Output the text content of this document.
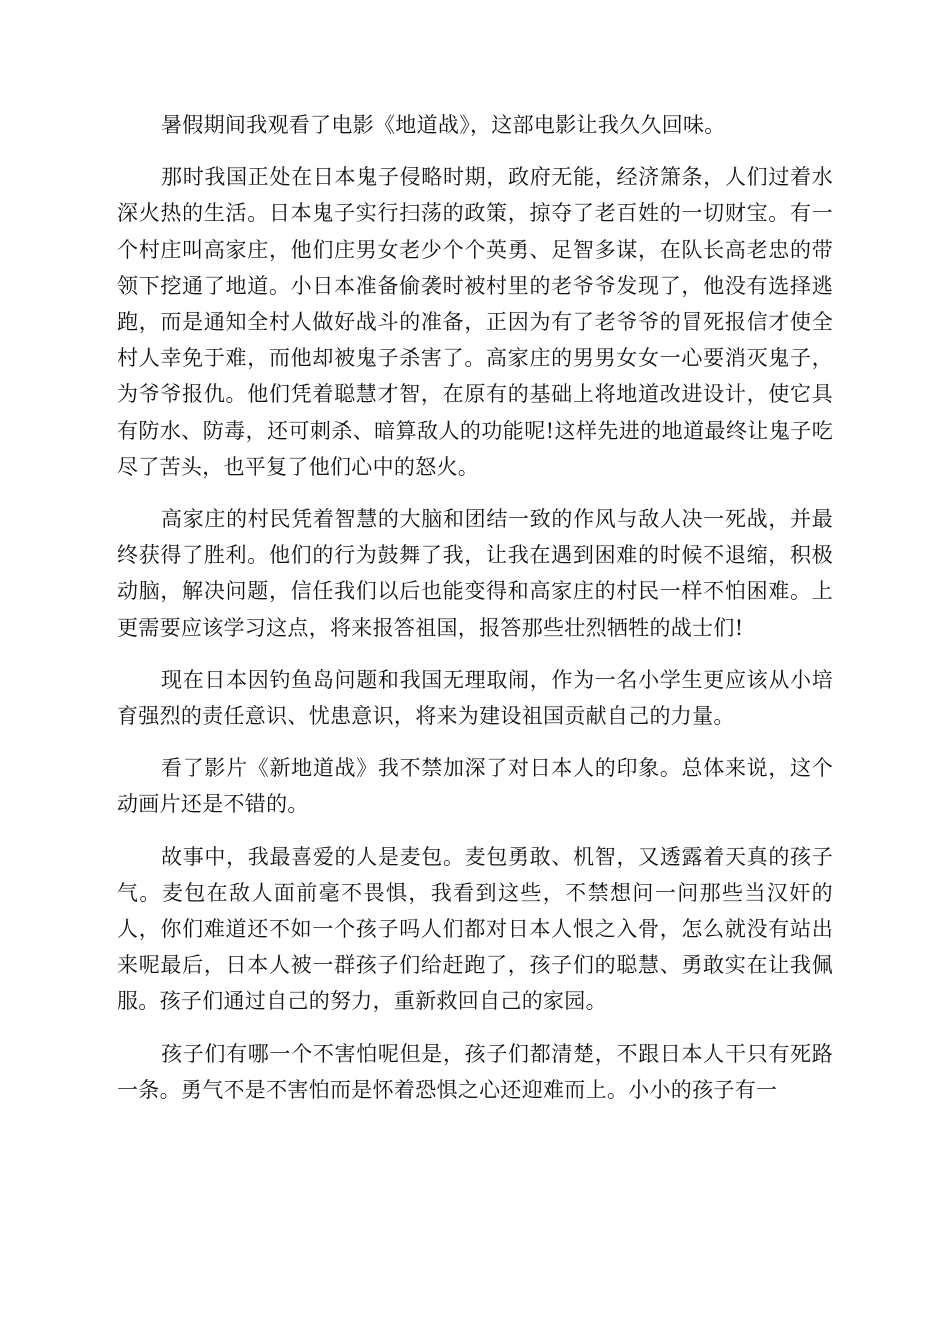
暑假期间我观看了电影《地道战》，这部电影让我久久回味。

那时我国正处在日本鬼子侵略时期，政府无能，经济箫条，人们过着水深火热的生活。日本鬼子实行扫荡的政策，掠夺了老百姓的一切财宝。有一个村庄叫高家庄，他们庄男女老少个个英勇、足智多谋，在队长高老忠的带领下挖通了地道。小日本准备偷袭时被村里的老爷爷发现了，他没有选择逃跑，而是通知全村人做好战斗的准备，正因为有了老爷爷的冒死报信才使全村人幸免于难，而他却被鬼子杀害了。高家庄的男男女女一心要消灭鬼子，为爷爷报仇。他们凭着聪慧才智，在原有的基础上将地道改进设计，使它具有防水、防毒，还可刺杀、暗算敌人的功能呢!这样先进的地道最终让鬼子吃尽了苦头，也平复了他们心中的怒火。

高家庄的村民凭着智慧的大脑和团结一致的作风与敌人决一死战，并最终获得了胜利。他们的行为鼓舞了我，让我在遇到困难的时候不退缩，积极动脑，解决问题，信任我们以后也能变得和高家庄的村民一样不怕困难。上更需要应该学习这点，将来报答祖国，报答那些壮烈牺牲的战士们!

现在日本因钓鱼岛问题和我国无理取闹，作为一名小学生更应该从小培育强烈的责任意识、忧患意识，将来为建设祖国贡献自己的力量。

看了影片《新地道战》我不禁加深了对日本人的印象。总体来说，这个动画片还是不错的。

故事中，我最喜爱的人是麦包。麦包勇敢、机智，又透露着天真的孩子气。麦包在敌人面前毫不畏惧，我看到这些，不禁想问一问那些当汉奸的人，你们难道还不如一个孩子吗人们都对日本人恨之入骨，怎么就没有站出来呢最后，日本人被一群孩子们给赶跑了，孩子们的聪慧、勇敢实在让我佩服。孩子们通过自己的努力，重新救回自己的家园。

孩子们有哪一个不害怕呢但是，孩子们都清楚，不跟日本人干只有死路一条。勇气不是不害怕而是怀着恐惧之心还迎难而上。小小的孩子有一
